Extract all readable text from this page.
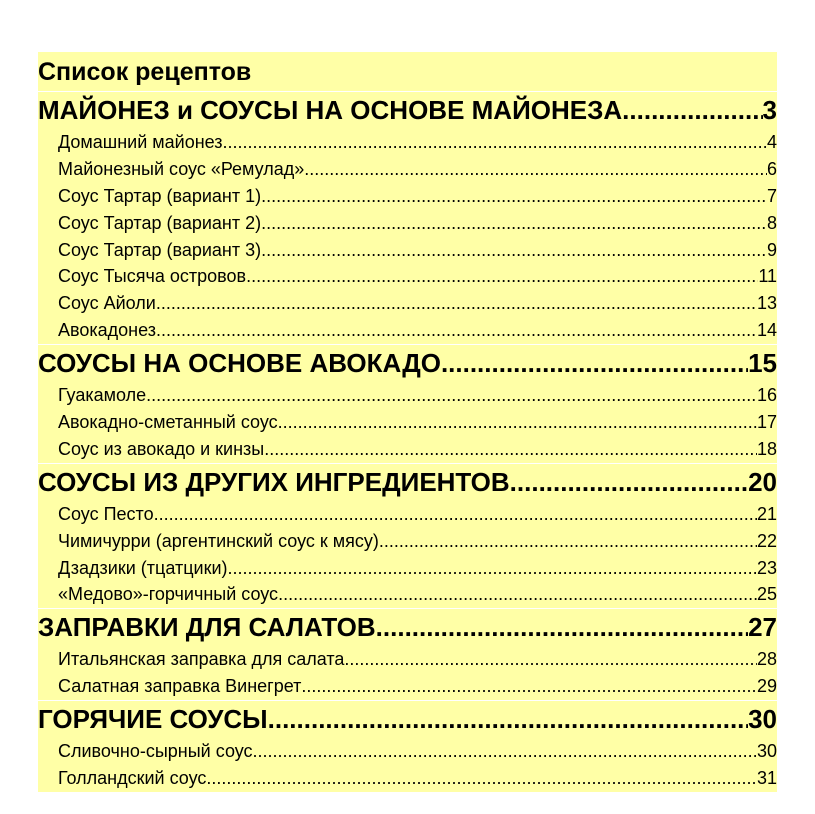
Список рецептов
МАЙОНЕЗ и СОУСЫ НА ОСНОВЕ МАЙОНЕЗА .....	3
Домашний майонез .....	4
Майонезный соус «Ремулад» .....	6
Соус Тартар (вариант 1) .....	7
Соус Тартар (вариант 2) .....	8
Соус Тартар (вариант 3) .....	9
Соус Тысяча островов .....	11
Соус Айоли .....	13
Авокадонез .....	14
СОУСЫ НА ОСНОВЕ АВОКАДО .....	15
Гуакамоле .....	16
Авокадно-сметанный соус .....	17
Соус из авокадо и кинзы .....	18
СОУСЫ ИЗ ДРУГИХ ИНГРЕДИЕНТОВ .....	20
Соус Песто .....	21
Чимичурри (аргентинский соус к мясу) .....	22
Дзадзики (тцатцики) .....	23
«Медово»-горчичный соус .....	25
ЗАПРАВКИ ДЛЯ САЛАТОВ .....	27
Итальянская заправка для салата .....	28
Салатная заправка Винегрет .....	29
ГОРЯЧИЕ СОУСЫ .....	30
Сливочно-сырный соус .....	30
Голландский соус .....	31
